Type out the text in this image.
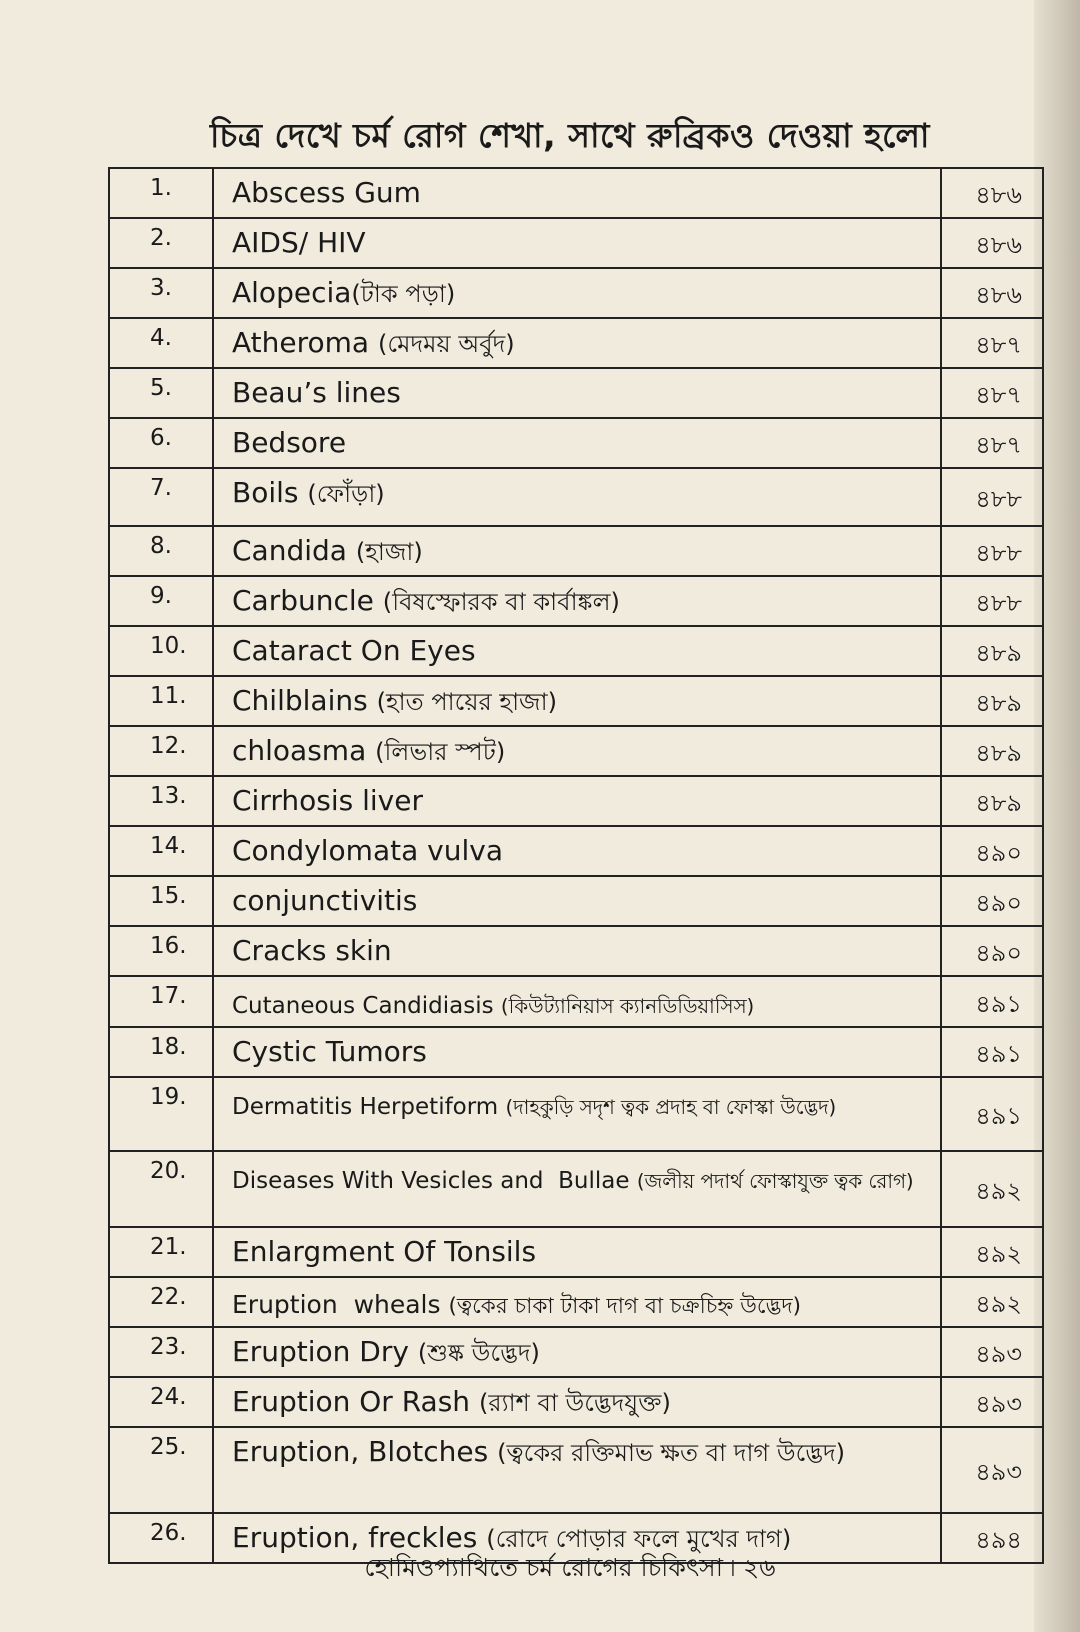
চিত্র দেখে চর্ম রোগ শেখা, সাথে রুব্রিকও দেওয়া হলো
1.	Abscess Gum	৪৮৬
2.	AIDS/ HIV	৪৮৬
3.	Alopecia(টাক পড়া)	৪৮৬
4.	Atheroma (মেদময় অর্বুদ)	৪৮৭
5.	Beau’s lines	৪৮৭
6.	Bedsore	৪৮৭
7.	Boils (ফোঁড়া)	৪৮৮
8.	Candida (হাজা)	৪৮৮
9.	Carbuncle (বিষস্ফোরক বা কার্বাঙ্কল)	৪৮৮
10.	Cataract On Eyes	৪৮৯
11.	Chilblains (হাত পায়ের হাজা)	৪৮৯
12.	chloasma (লিভার স্পট)	৪৮৯
13.	Cirrhosis liver	৪৮৯
14.	Condylomata vulva	৪৯০
15.	conjunctivitis	৪৯০
16.	Cracks skin	৪৯০
17.	Cutaneous Candidiasis (কিউট্যানিয়াস ক্যানডিডিয়াসিস)	৪৯১
18.	Cystic Tumors	৪৯১
19.	Dermatitis Herpetiform (দাহকুড়ি সদৃশ ত্বক প্রদাহ বা ফোস্কা উদ্ভেদ)	৪৯১
20.	Diseases With Vesicles and  Bullae (জলীয় পদার্থ ফোস্কাযুক্ত ত্বক রোগ)	৪৯২
21.	Enlargment Of Tonsils	৪৯২
22.	Eruption  wheals (ত্বকের চাকা টাকা দাগ বা চক্রচিহ্ন উদ্ভেদ)	৪৯২
23.	Eruption Dry (শুষ্ক উদ্ভেদ)	৪৯৩
24.	Eruption Or Rash (র‍্যাশ বা উদ্ভেদযুক্ত)	৪৯৩
25.	Eruption, Blotches (ত্বকের রক্তিমাভ ক্ষত বা দাগ উদ্ভেদ)	৪৯৩
26.	Eruption, freckles (রোদে পোড়ার ফলে মুখের দাগ)	৪৯৪
হোমিওপ্যাথিতে চর্ম রোগের চিকিৎসা ৷ ২৬
